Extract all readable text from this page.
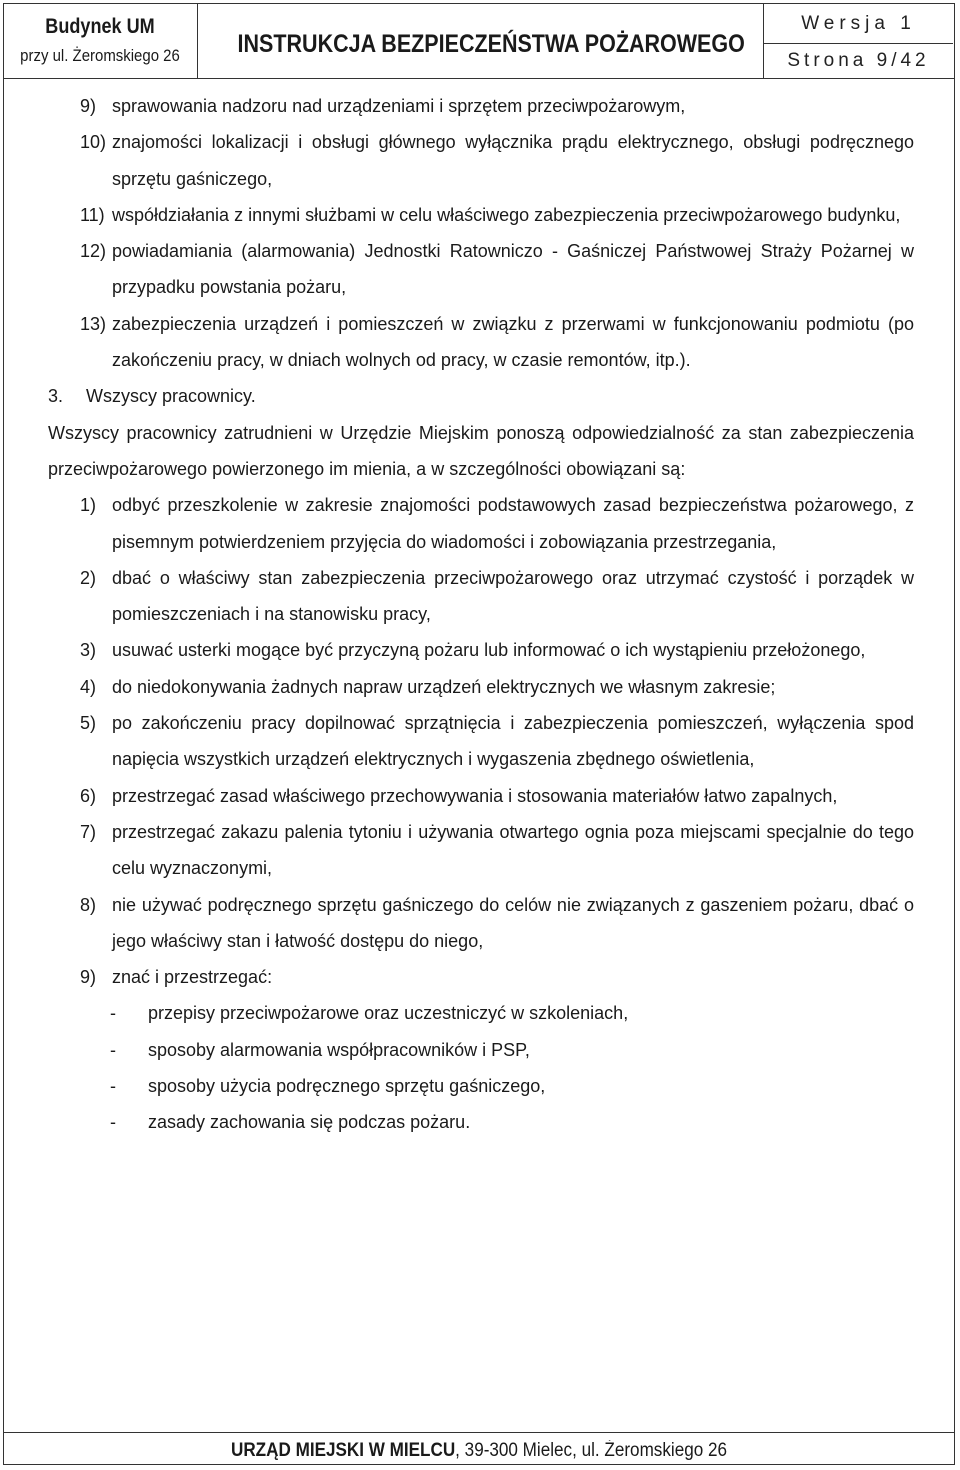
Budynek UM
przy ul. Żeromskiego 26 INSTRUKCJA BEZPIECZEŃSTWA POŻAROWEGO
Wersja 1
Strona 9/42
9) sprawowania nadzoru nad urządzeniami i sprzętem przeciwpożarowym,
10) znajomości lokalizacji i obsługi głównego wyłącznika prądu elektrycznego, obsługi podręcznego sprzętu gaśniczego,
11) współdziałania z innymi służbami w celu właściwego zabezpieczenia przeciwpożarowego budynku,
12) powiadamiania (alarmowania) Jednostki Ratowniczo - Gaśniczej Państwowej Straży Pożarnej w przypadku powstania pożaru,
13) zabezpieczenia urządzeń i pomieszczeń w związku z przerwami w funkcjonowaniu podmiotu (po zakończeniu pracy, w dniach wolnych od pracy, w czasie remontów, itp.).
3.	Wszyscy pracownicy.
Wszyscy pracownicy zatrudnieni w Urzędzie Miejskim ponoszą odpowiedzialność za stan zabezpieczenia przeciwpożarowego powierzonego im mienia, a w szczególności obowiązani są:
1) odbyć przeszkolenie w zakresie znajomości podstawowych zasad bezpieczeństwa pożarowego, z pisemnym potwierdzeniem przyjęcia do wiadomości i zobowiązania przestrzegania,
2) dbać o właściwy stan zabezpieczenia przeciwpożarowego oraz utrzymać czystość i porządek w pomieszczeniach i na stanowisku pracy,
3) usuwać usterki mogące być przyczyną pożaru lub informować o ich wystąpieniu przełożonego,
4) do niedokonywania żadnych napraw urządzeń elektrycznych we własnym zakresie;
5) po zakończeniu pracy dopilnować sprzątnięcia i zabezpieczenia pomieszczeń, wyłączenia spod napięcia wszystkich urządzeń elektrycznych i wygaszenia zbędnego oświetlenia,
6) przestrzegać zasad właściwego przechowywania i stosowania materiałów łatwo zapalnych,
7) przestrzegać zakazu palenia tytoniu i używania otwartego ognia poza miejscami specjalnie do tego celu wyznaczonymi,
8) nie używać podręcznego sprzętu gaśniczego do celów nie związanych z gaszeniem pożaru, dbać o jego właściwy stan i łatwość dostępu do niego,
9) znać i przestrzegać:
-	przepisy przeciwpożarowe oraz uczestniczyć w szkoleniach,
-	sposoby alarmowania współpracowników i PSP,
-	sposoby użycia podręcznego sprzętu gaśniczego,
-	zasady zachowania się podczas pożaru.
URZĄD MIEJSKI W MIELCU, 39-300 Mielec, ul. Żeromskiego 26
